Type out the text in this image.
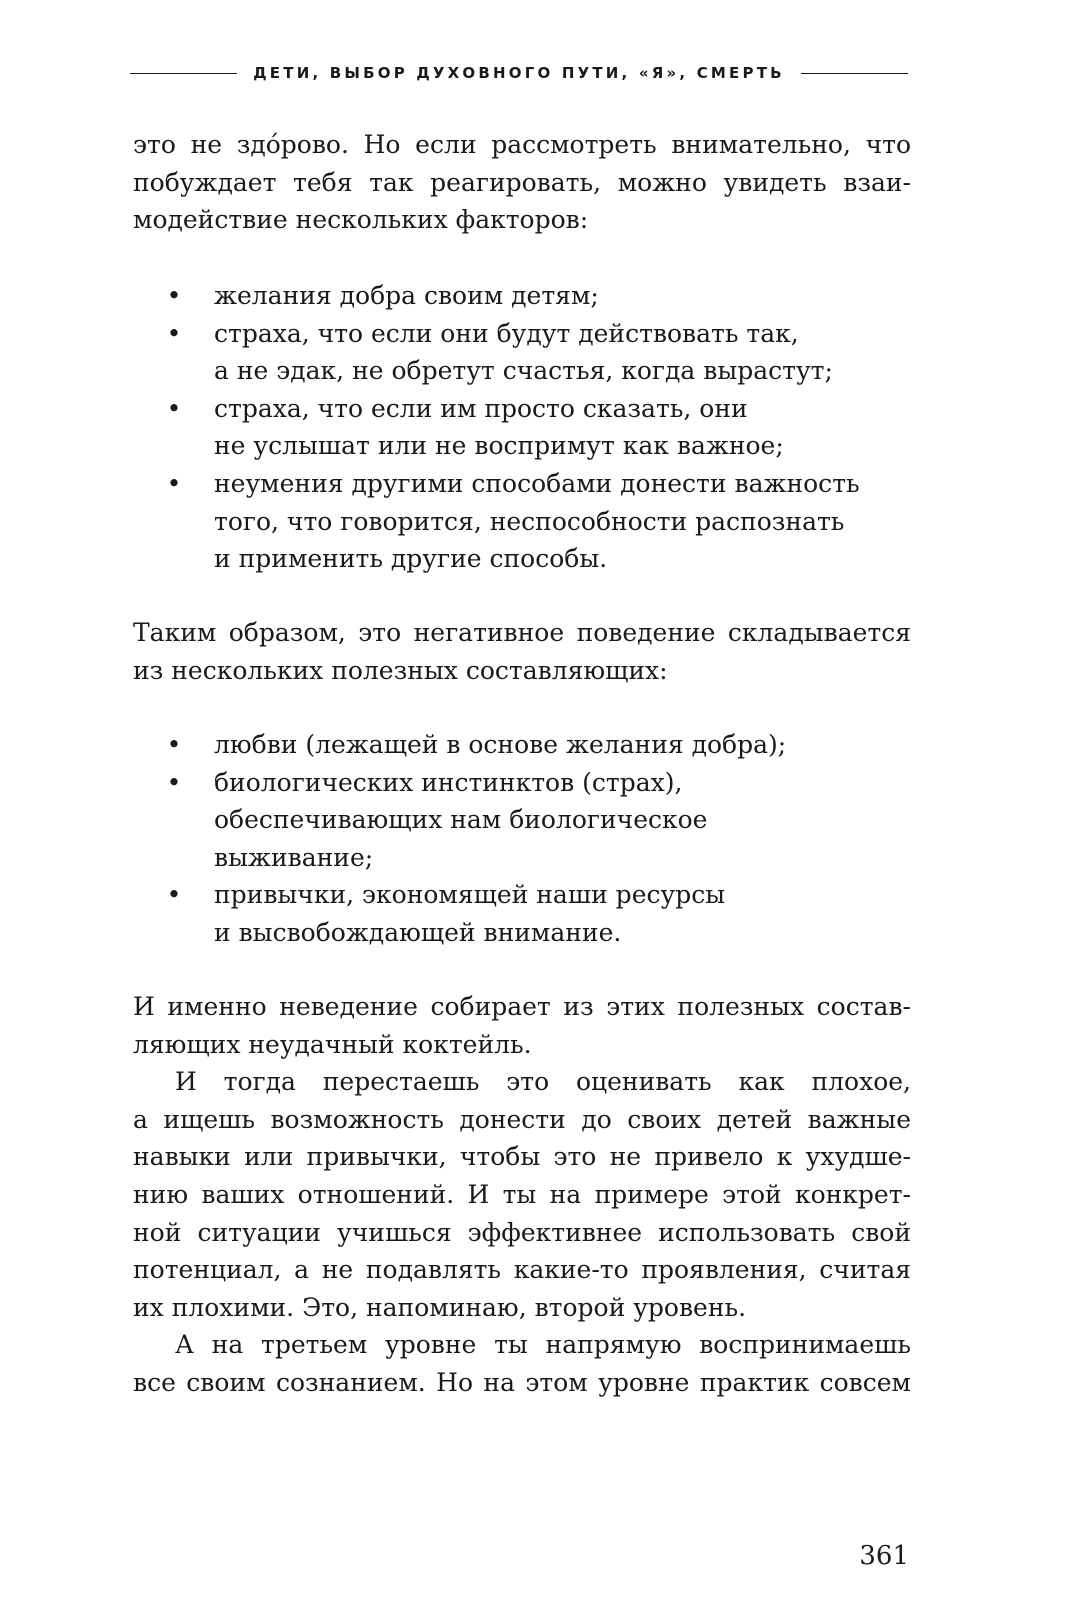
ДЕТИ, ВЫБОР ДУХОВНОГО ПУТИ, «Я», СМЕРТЬ
это не здóрово. Но если рассмотреть внимательно, что
побуждает тебя так реагировать, можно увидеть взаи-
модействие нескольких факторов:
• желания добра своим детям;
• страха, что если они будут действовать так,
а не эдак, не обретут счастья, когда вырастут;
• страха, что если им просто сказать, они
не услышат или не воспримут как важное;
• неумения другими способами донести важность
того, что говорится, неспособности распознать
и применить другие способы.
Таким образом, это негативное поведение складывается
из нескольких полезных составляющих:
• любви (лежащей в основе желания добра);
• биологических инстинктов (страх),
обеспечивающих нам биологическое
выживание;
• привычки, экономящей наши ресурсы
и высвобождающей внимание.
И именно неведение собирает из этих полезных состав-
ляющих неудачный коктейль.
И тогда перестаешь это оценивать как плохое,
а ищешь возможность донести до своих детей важные
навыки или привычки, чтобы это не привело к ухудше-
нию ваших отношений. И ты на примере этой конкрет-
ной ситуации учишься эффективнее использовать свой
потенциал, а не подавлять какие-то проявления, считая
их плохими. Это, напоминаю, второй уровень.
А на третьем уровне ты напрямую воспринимаешь
все своим сознанием. Но на этом уровне практик совсем
361
